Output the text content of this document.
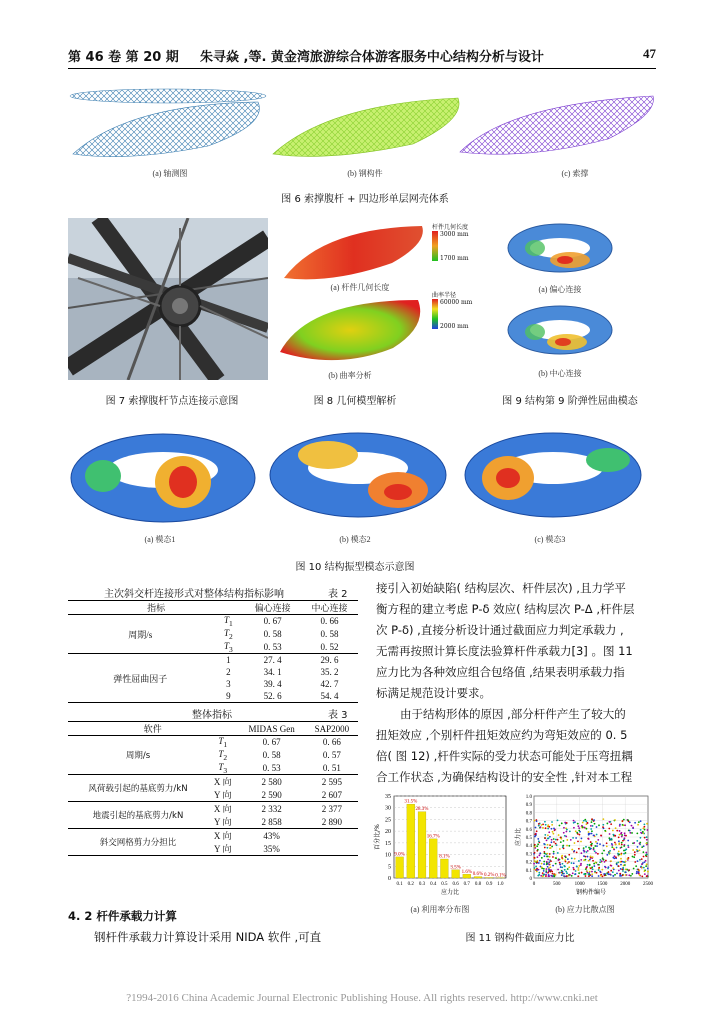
第 46 卷 第 20 期 朱寻焱 ,等. 黄金湾旅游综合体游客服务中心结构分析与设计	47
(a) 轴测图	(b) 钢构件	(c) 索撑
图 6 索撑腹杆 + 四边形单层网壳体系
杆件几何长度
3000 mm
1700 mm
(a) 杆件几何长度
曲率半径
60000 mm
2000 mm
(b) 曲率分析
(a) 偏心连接
(b) 中心连接
图 7 索撑腹杆节点连接示意图	图 8 几何模型解析	图 9 结构第 9 阶弹性屈曲模态
(a) 模态1	(b) 模态2	(c) 模态3
图 10 结构振型模态示意图
主次斜交杆连接形式对整体结构指标影响	表 2
指标		偏心连接	中心连接
周期/s	$T_1$	0. 67	0. 66
	$T_2$	0. 58	0. 58
	$T_3$	0. 53	0. 52
弹性屈曲因子	1	27. 4	29. 6
	2	34. 1	35. 2
	3	39. 4	42. 7
	9	52. 6	54. 4
整体指标	表 3
软件		MIDAS Gen	SAP2000
周期/s	$T_1$	0. 67	0. 66
	$T_2$	0. 58	0. 57
	$T_3$	0. 53	0. 51
风荷载引起的基底剪力/kN	X 向	2 580	2 595
	Y 向	2 590	2 607
地震引起的基底剪力/kN	X 向	2 332	2 377
	Y 向	2 858	2 890
斜交网格剪力分担比	X 向	43%	
	Y 向	35%	
4. 2 杆件承载力计算
钢杆件承载力计算设计采用 NIDA 软件 ,可直
接引入初始缺陷( 结构层次、杆件层次) ,且力学平
衡方程的建立考虑 P-δ 效应( 结构层次 P-Δ ,杆件层
次 P-δ) ,直接分析设计通过截面应力判定承载力 ,
无需再按照计算长度法验算杆件承载力[3] 。图 11
应力比为各种效应组合包络值 ,结果表明承载力指
标满足规范设计要求。
由于结构形体的原因 ,部分杆件产生了较大的
扭矩效应 ,个别杆件扭矩效应约为弯矩效应的 0. 5
倍( 图 12) ,杆件实际的受力状态可能处于压弯扭耦
合工作状态 ,为确保结构设计的安全性 ,针对本工程
0
5
10
15
20
25
30
35
9.0%
31.5%
28.3%
16.7%
8.1%
3.5%
1.6% 0.6% 0.2% 0.1%
0.1 0.2 0.3 0.4 0.5 0.6 0.7 0.8 0.9 1.0
应力比
百分比/%
0
0.1
0.2
0.3
0.4
0.5
0.6
0.7
0.8
0.9
1.0
0	500	1000	1500	2000	2500
钢构件编号
应力比
(a) 利用率分布图	(b) 应力比散点图
图 11 钢构件截面应力比
?1994-2016 China Academic Journal Electronic Publishing House. All rights reserved. http://www.cnki.net
